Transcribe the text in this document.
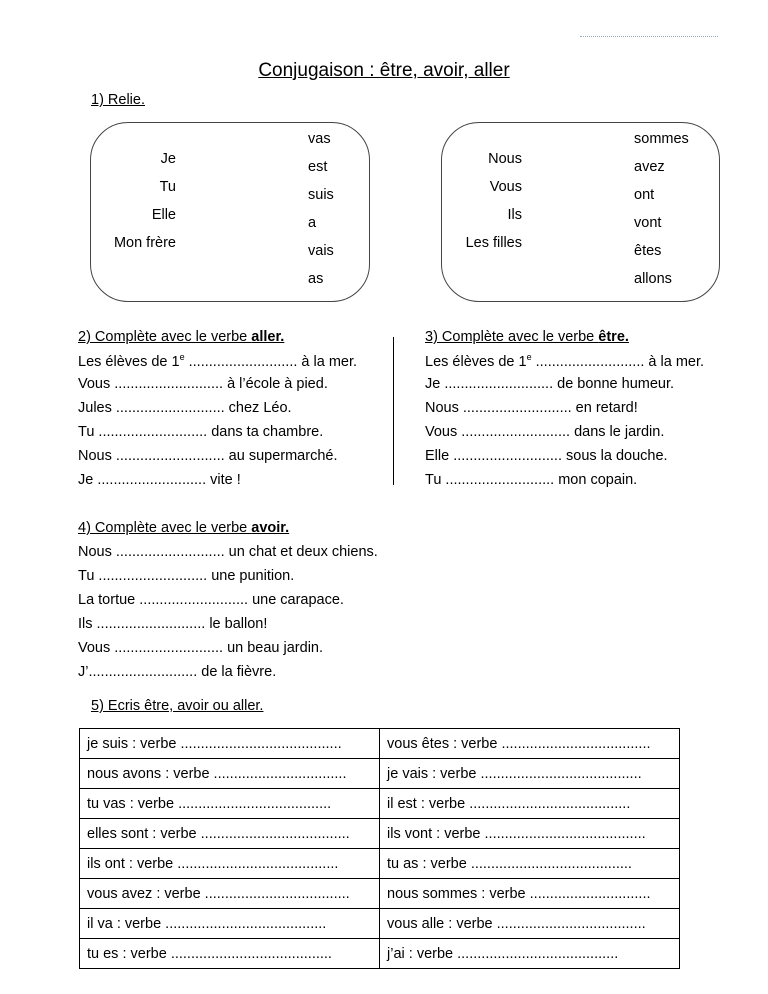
Conjugaison : être, avoir, aller
1) Relie.
Je
Tu
Elle
Mon frère
vas
est
suis
a
vais
as
Nous
Vous
Ils
Les filles
sommes
avez
ont
vont
êtes
allons
2) Complète avec le verbe aller.
Les élèves de 1e ........................... à la mer.
Vous ........................... à l’école à pied.
Jules ........................... chez Léo.
Tu ........................... dans ta chambre.
Nous ........................... au supermarché.
Je ........................... vite !
3) Complète avec le verbe être.
Les élèves de 1e ........................... à la mer.
Je ........................... de bonne humeur.
Nous ........................... en retard!
Vous ........................... dans le jardin.
Elle ........................... sous la douche.
Tu ........................... mon copain.
4) Complète avec le verbe avoir.
Nous ........................... un chat et deux chiens.
Tu ........................... une punition.
La tortue ........................... une carapace.
Ils ........................... le ballon!
Vous ........................... un beau jardin.
J’........................... de la fièvre.
5) Ecris être, avoir ou aller.
je suis : verbe ........................................	vous êtes : verbe .....................................
nous avons : verbe .................................	je vais : verbe ........................................
tu vas : verbe ......................................	il est : verbe ........................................
elles sont : verbe .....................................	ils vont : verbe ........................................
ils ont : verbe ........................................	tu as : verbe ........................................
vous avez : verbe ....................................	nous sommes : verbe ..............................
il va : verbe ........................................	vous alle : verbe .....................................
tu es : verbe ........................................	j’ai : verbe ........................................
